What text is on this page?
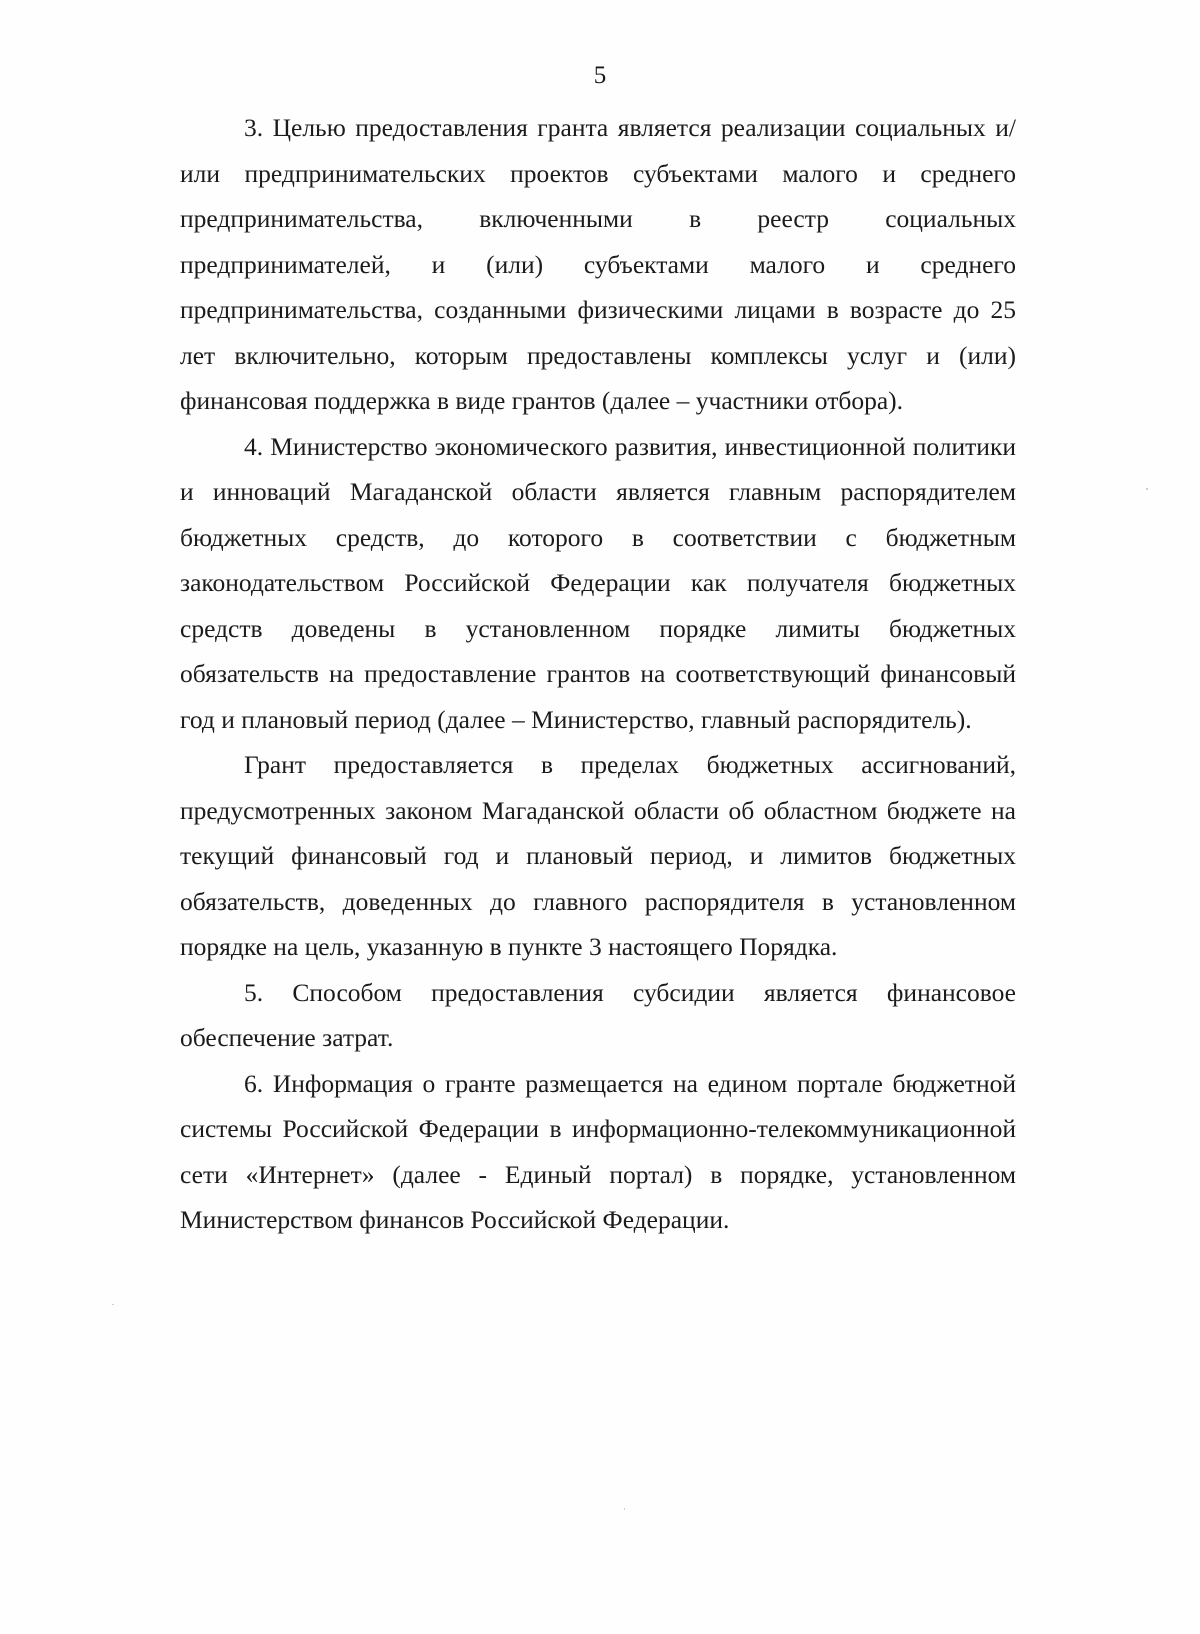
5

3. Целью предоставления гранта является реализации социальных и/или предпринимательских проектов субъектами малого и среднего предпринимательства, включенными в реестр социальных предпринимателей, и (или) субъектами малого и среднего предпринимательства, созданными физическими лицами в возрасте до 25 лет включительно, которым предоставлены комплексы услуг и (или) финансовая поддержка в виде грантов (далее – участники отбора).

4. Министерство экономического развития, инвестиционной политики и инноваций Магаданской области является главным распорядителем бюджетных средств, до которого в соответствии с бюджетным законодательством Российской Федерации как получателя бюджетных средств доведены в установленном порядке лимиты бюджетных обязательств на предоставление грантов на соответствующий финансовый год и плановый период (далее – Министерство, главный распорядитель).

Грант предоставляется в пределах бюджетных ассигнований, предусмотренных законом Магаданской области об областном бюджете на текущий финансовый год и плановый период, и лимитов бюджетных обязательств, доведенных до главного распорядителя в установленном порядке на цель, указанную в пункте 3 настоящего Порядка.

5. Способом предоставления субсидии является финансовое обеспечение затрат.

6. Информация о гранте размещается на едином портале бюджетной системы Российской Федерации в информационно-телекоммуникационной сети «Интернет» (далее - Единый портал) в порядке, установленном Министерством финансов Российской Федерации.
